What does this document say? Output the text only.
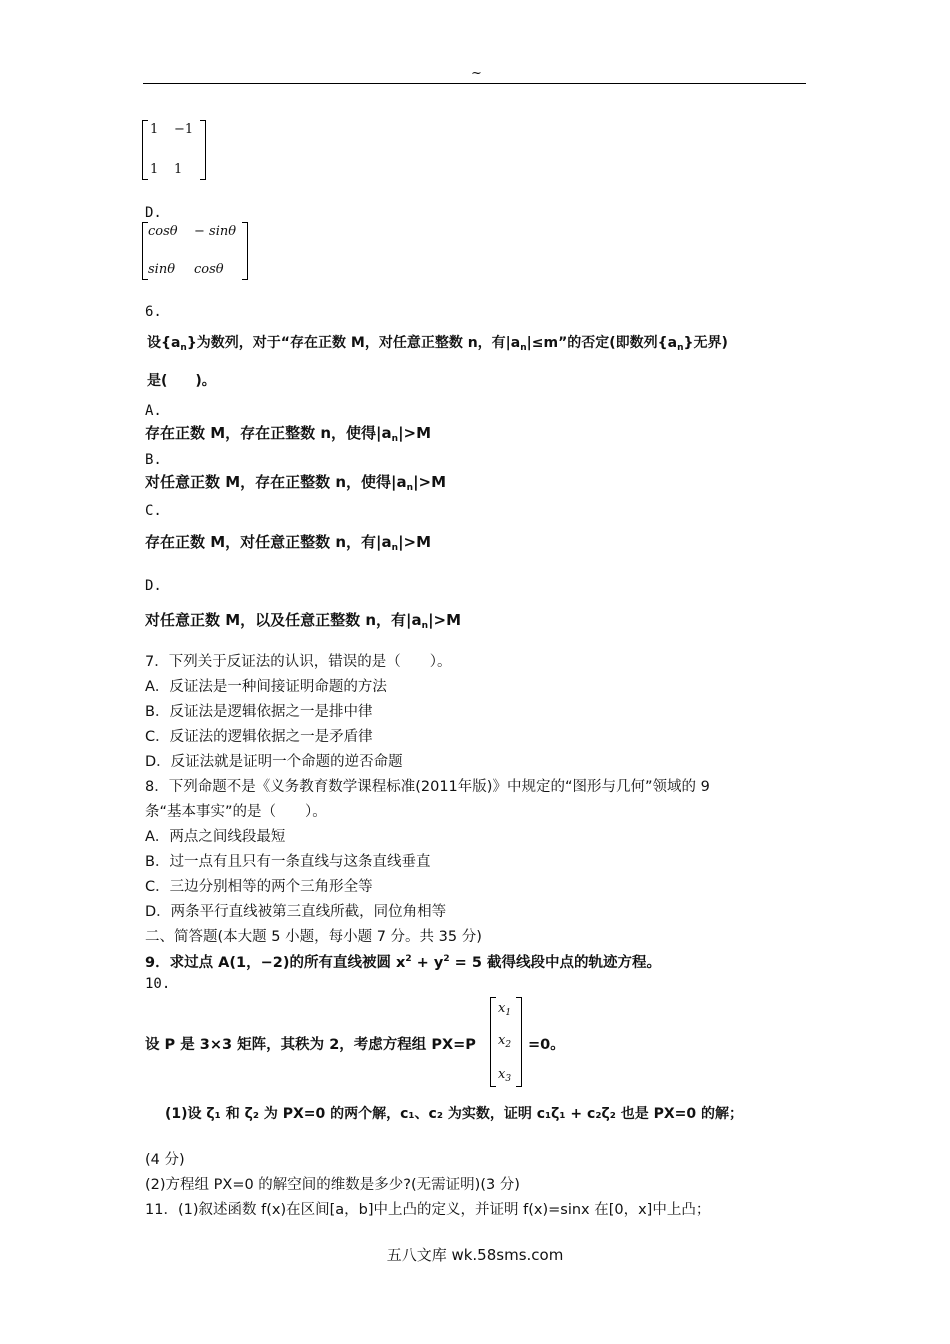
~
1 −1
1 1
D.
cosθ − sinθ
sinθ cosθ
6.
设$\{a_n\}$为数列，对于“存在正数 M，对任意正整数 n，有$|a_n|\le m$”的否定(即数列$\{a_n\}$无界)
是(　　)。
A.
存在正数 M，存在正整数 n，使得$|a_n|>M$
B.
对任意正数 M，存在正整数 n，使得$|a_n|>M$
C.
存在正数 M，对任意正整数 n，有$|a_n|>M$
D.
对任意正数 M，以及任意正整数 n，有$|a_n|>M$
7．下列关于反证法的认识，错误的是（　　）。
A．反证法是一种间接证明命题的方法
B．反证法是逻辑依据之一是排中律
C．反证法的逻辑依据之一是矛盾律
D．反证法就是证明一个命题的逆否命题
8．下列命题不是《义务教育数学课程标准(2011年版)》中规定的“图形与几何”领域的 9
条“基本事实”的是（　　）。
A．两点之间线段最短
B．过一点有且只有一条直线与这条直线垂直
C．三边分别相等的两个三角形全等
D．两条平行直线被第三直线所截，同位角相等
二、简答题(本大题 5 小题，每小题 7 分。共 35 分)
9．求过点 A(1，−2)的所有直线被圆 $x^2 + y^2 = 5$ 截得线段中点的轨迹方程。
10.
设 P 是 3×3 矩阵，其秩为 2，考虑方程组 PX=P
$x_1$
$x_2$
$x_3$
=0。
(1)设 ζ₁ 和 ζ₂ 为 PX=0 的两个解，c₁、c₂ 为实数，证明 c₁ζ₁ + c₂ζ₂ 也是 PX=0 的解；
(4 分)
(2)方程组 PX=0 的解空间的维数是多少?(无需证明)(3 分)
11．(1)叙述函数 f(x)在区间[a，b]中上凸的定义，并证明 f(x)=sinx 在[0，x]中上凸；
五八文库 wk.58sms.com
